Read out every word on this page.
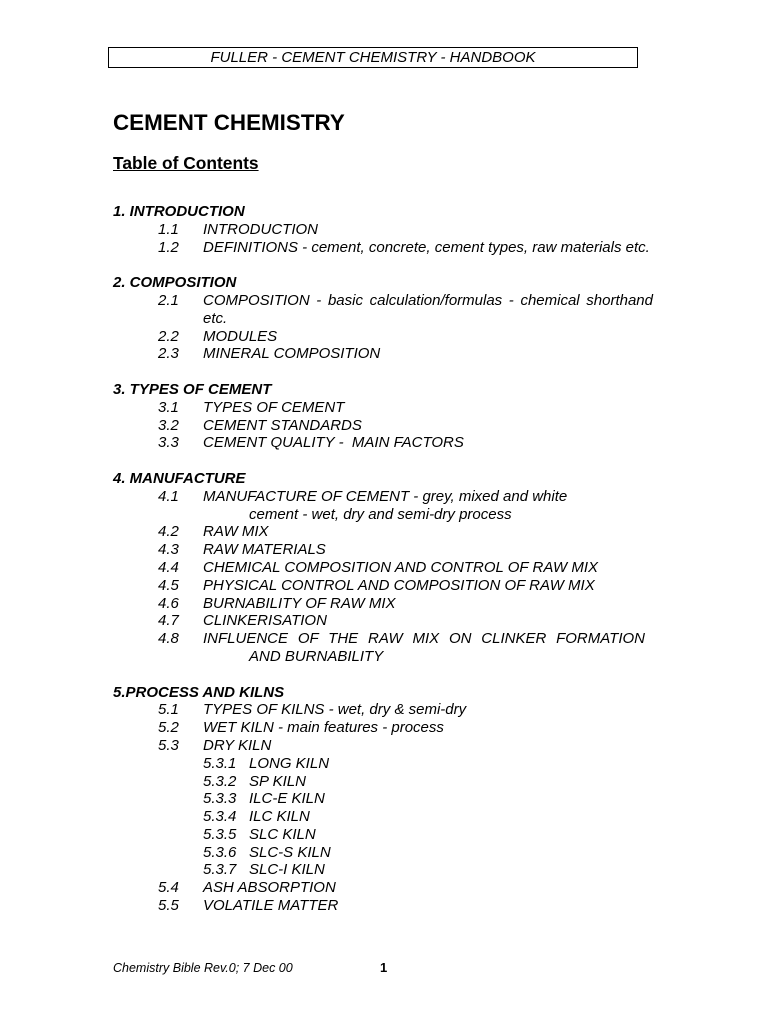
FULLER - CEMENT CHEMISTRY - HANDBOOK
CEMENT CHEMISTRY
Table of Contents
1. INTRODUCTION
1.1	INTRODUCTION
1.2	DEFINITIONS - cement, concrete, cement types, raw materials etc.
2. COMPOSITION
2.1	COMPOSITION - basic calculation/formulas - chemical shorthand etc.
2.2	MODULES
2.3	MINERAL COMPOSITION
3. TYPES OF CEMENT
3.1	TYPES OF CEMENT
3.2	CEMENT STANDARDS
3.3	CEMENT QUALITY -  MAIN FACTORS
4. MANUFACTURE
4.1	MANUFACTURE OF CEMENT - grey, mixed and white
cement - wet, dry and semi-dry process
4.2	RAW MIX
4.3	RAW MATERIALS
4.4	CHEMICAL COMPOSITION AND CONTROL OF RAW MIX
4.5	PHYSICAL CONTROL AND COMPOSITION OF RAW MIX
4.6	BURNABILITY OF RAW MIX
4.7	CLINKERISATION
4.8	INFLUENCE OF THE RAW MIX ON CLINKER FORMATION
AND BURNABILITY
5.PROCESS AND KILNS
5.1	TYPES OF KILNS - wet, dry & semi-dry
5.2	WET KILN - main features - process
5.3	DRY KILN
5.3.1 LONG KILN
5.3.2 SP KILN
5.3.3 ILC-E KILN
5.3.4 ILC KILN
5.3.5 SLC KILN
5.3.6 SLC-S KILN
5.3.7 SLC-I KILN
5.4	ASH ABSORPTION
5.5	VOLATILE MATTER
Chemistry Bible Rev.0; 7 Dec 00	1
